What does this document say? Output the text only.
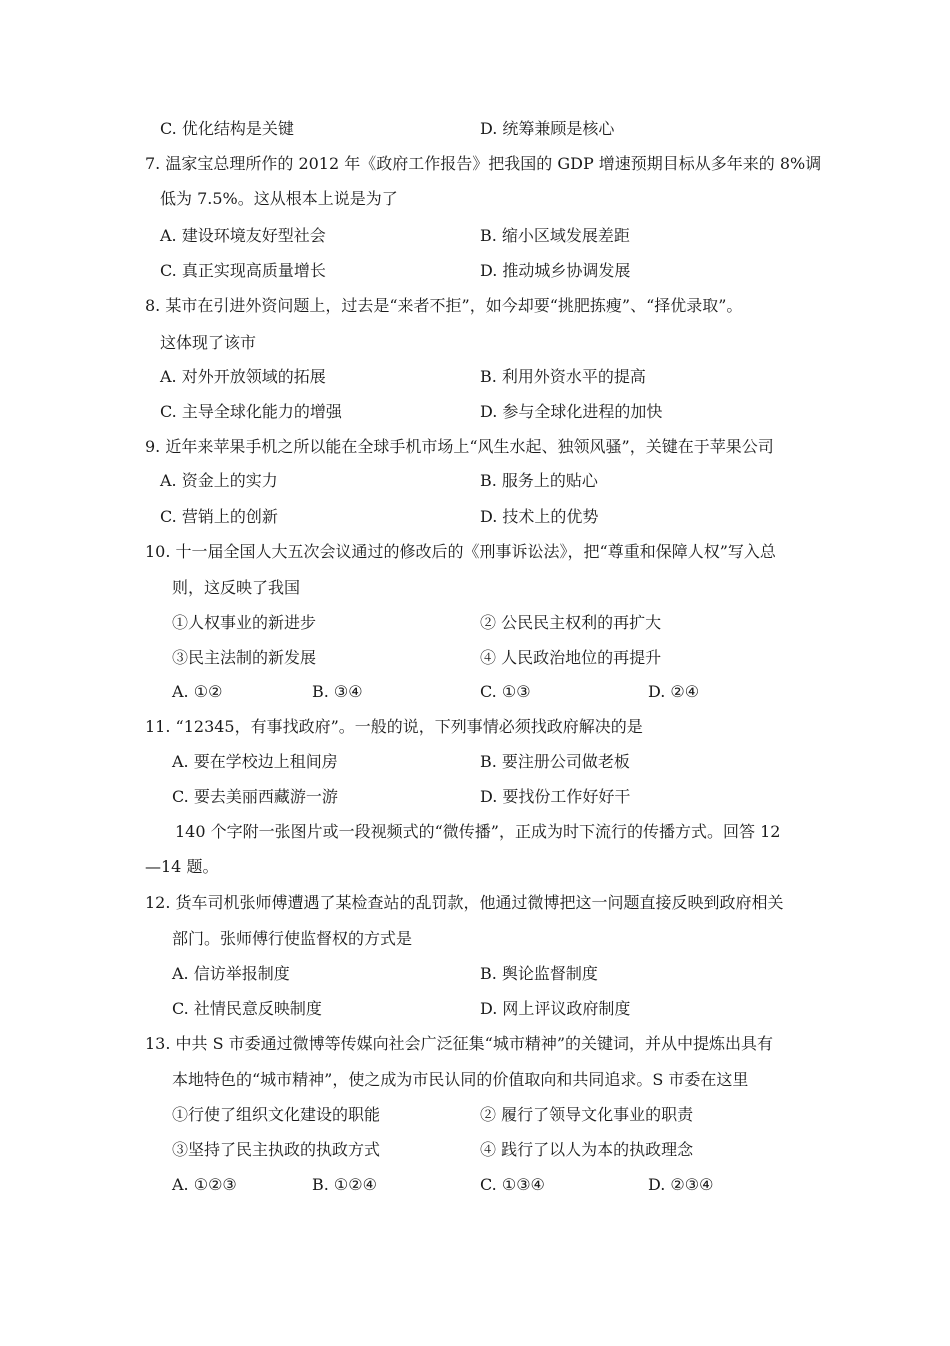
C. 优化结构是关键	D. 统筹兼顾是核心
7. 温家宝总理所作的 2012 年《政府工作报告》把我国的 GDP 增速预期目标从多年来的 8%调
低为 7.5%。这从根本上说是为了
A. 建设环境友好型社会	B. 缩小区域发展差距
C. 真正实现高质量增长	D. 推动城乡协调发展
8. 某市在引进外资问题上，过去是“来者不拒”，如今却要“挑肥拣瘦”、“择优录取”。
这体现了该市
A. 对外开放领域的拓展	B. 利用外资水平的提高
C. 主导全球化能力的增强	D. 参与全球化进程的加快
9. 近年来苹果手机之所以能在全球手机市场上“风生水起、独领风骚”，关键在于苹果公司
A. 资金上的实力	B. 服务上的贴心
C. 营销上的创新	D. 技术上的优势
10. 十一届全国人大五次会议通过的修改后的《刑事诉讼法》，把“尊重和保障人权”写入总
则，这反映了我国
①人权事业的新进步	② 公民民主权利的再扩大
③民主法制的新发展	④ 人民政治地位的再提升
A. ①②	B. ③④	C. ①③	D. ②④
11. “12345，有事找政府”。一般的说，下列事情必须找政府解决的是
A. 要在学校边上租间房	B. 要注册公司做老板
C. 要去美丽西藏游一游	D. 要找份工作好好干
140 个字附一张图片或一段视频式的“微传播”，正成为时下流行的传播方式。回答 12
—14 题。
12. 货车司机张师傅遭遇了某检查站的乱罚款，他通过微博把这一问题直接反映到政府相关
部门。张师傅行使监督权的方式是
A. 信访举报制度	B. 舆论监督制度
C. 社情民意反映制度	D. 网上评议政府制度
13. 中共 S 市委通过微博等传媒向社会广泛征集“城市精神”的关键词，并从中提炼出具有
本地特色的“城市精神”，使之成为市民认同的价值取向和共同追求。S 市委在这里
①行使了组织文化建设的职能	② 履行了领导文化事业的职责
③坚持了民主执政的执政方式	④ 践行了以人为本的执政理念
A. ①②③	B. ①②④	C. ①③④	D. ②③④
